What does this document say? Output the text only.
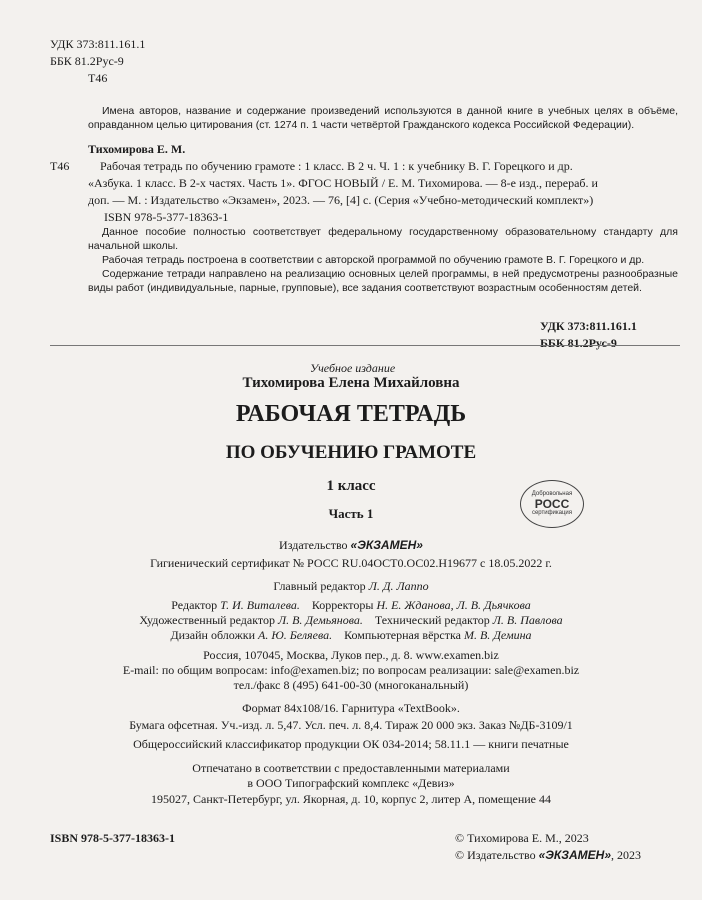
УДК 373:811.161.1
ББК 81.2Рус-9
Т46
Имена авторов, название и содержание произведений используются в данной книге в учебных целях в объёме, оправданном целью цитирования (ст. 1274 п. 1 части четвёртой Гражданского кодекса Российской Федерации).
Тихомирова Е. М.
Т46	Рабочая тетрадь по обучению грамоте : 1 класс. В 2 ч. Ч. 1 : к учебнику В. Г. Горецкого и др.
«Азбука. 1 класс. В 2-х частях. Часть 1». ФГОС НОВЫЙ / Е. М. Тихомирова. — 8-е изд., перераб. и
доп. — М. : Издательство «Экзамен», 2023. — 76, [4] с. (Серия «Учебно-методический комплект»)
ISBN 978-5-377-18363-1
Данное пособие полностью соответствует федеральному государственному образовательному стандарту для начальной школы.
Рабочая тетрадь построена в соответствии с авторской программой по обучению грамоте В. Г. Горецкого и др.
Содержание тетради направлено на реализацию основных целей программы, в ней предусмотрены разнообразные виды работ (индивидуальные, парные, групповые), все задания соответствуют возрастным особенностям детей.
УДК 373:811.161.1
ББК 81.2Рус-9
Учебное издание
Тихомирова Елена Михайловна
РАБОЧАЯ ТЕТРАДЬ
ПО ОБУЧЕНИЮ ГРАМОТЕ
1 класс
Часть 1
Добровольная
РОСС
сертификация
Издательство «ЭКЗАМЕН»
Гигиенический сертификат № РОСС RU.04ОСТ0.ОС02.Н19677 с 18.05.2022 г.
Главный редактор Л. Д. Лаппо
Редактор Т. И. Виталева. Корректоры Н. Е. Жданова, Л. В. Дьячкова
Художественный редактор Л. В. Демьянова. Технический редактор Л. В. Павлова
Дизайн обложки А. Ю. Беляева. Компьютерная вёрстка М. В. Демина
Россия, 107045, Москва, Луков пер., д. 8. www.examen.biz
E-mail: по общим вопросам: info@examen.biz; по вопросам реализации: sale@examen.biz
тел./факс 8 (495) 641-00-30 (многоканальный)
Формат 84x108/16. Гарнитура «TextBook».
Бумага офсетная. Уч.-изд. л. 5,47. Усл. печ. л. 8,4. Тираж 20 000 экз. Заказ №ДБ-3109/1
Общероссийский классификатор продукции ОК 034-2014; 58.11.1 — книги печатные
Отпечатано в соответствии с предоставленными материалами
в ООО Типографский комплекс «Девиз»
195027, Санкт-Петербург, ул. Якорная, д. 10, корпус 2, литер А, помещение 44
ISBN 978-5-377-18363-1	© Тихомирова Е. М., 2023
© Издательство «ЭКЗАМЕН», 2023
